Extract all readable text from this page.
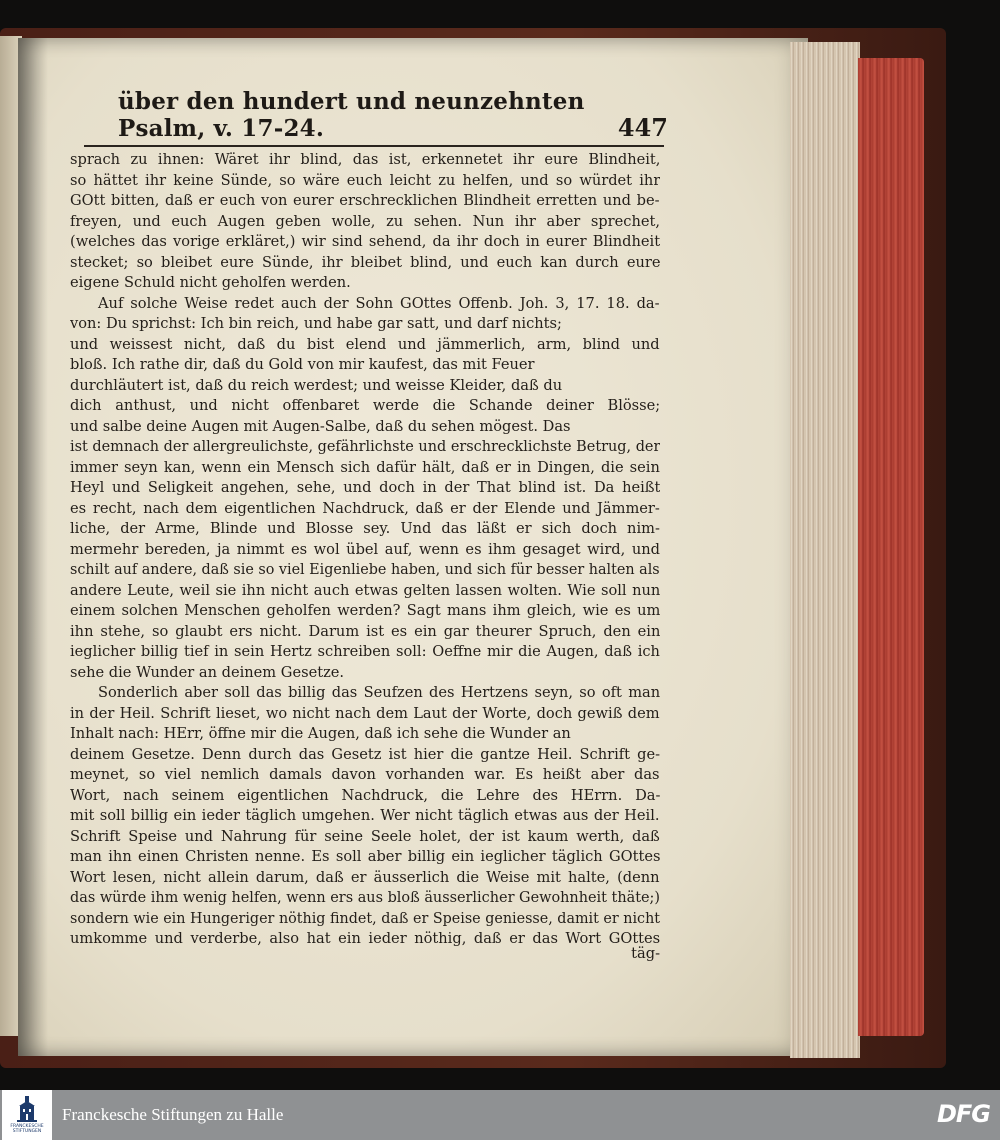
über den hundert und neunzehnten Psalm, v. 17-24.	447
sprach zu ihnen: Wäret ihr blind, das ist, erkennetet ihr eure Blindheit,
so hättet ihr keine Sünde, so wäre euch leicht zu helfen, und so würdet ihr
GOtt bitten, daß er euch von eurer erschrecklichen Blindheit erretten und be-
freyen, und euch Augen geben wolle, zu sehen. Nun ihr aber sprechet,
(welches das vorige erkläret,) wir sind sehend, da ihr doch in eurer Blindheit
stecket; so bleibet eure Sünde, ihr bleibet blind, und euch kan durch eure
eigene Schuld nicht geholfen werden.
Auf solche Weise redet auch der Sohn GOttes Offenb. Joh. 3, 17. 18. da-
von: Du sprichst: Ich bin reich, und habe gar satt, und darf nichts;
und weissest nicht, daß du bist elend und jämmerlich, arm, blind und
bloß. Ich rathe dir, daß du Gold von mir kaufest, das mit Feuer
durchläutert ist, daß du reich werdest; und weisse Kleider, daß du
dich anthust, und nicht offenbaret werde die Schande deiner Blösse;
und salbe deine Augen mit Augen-Salbe, daß du sehen mögest. Das
ist demnach der allergreulichste, gefährlichste und erschrecklichste Betrug, der
immer seyn kan, wenn ein Mensch sich dafür hält, daß er in Dingen, die sein
Heyl und Seligkeit angehen, sehe, und doch in der That blind ist. Da heißt
es recht, nach dem eigentlichen Nachdruck, daß er der Elende und Jämmer-
liche, der Arme, Blinde und Blosse sey. Und das läßt er sich doch nim-
mermehr bereden, ja nimmt es wol übel auf, wenn es ihm gesaget wird, und
schilt auf andere, daß sie so viel Eigenliebe haben, und sich für besser halten als
andere Leute, weil sie ihn nicht auch etwas gelten lassen wolten. Wie soll nun
einem solchen Menschen geholfen werden? Sagt mans ihm gleich, wie es um
ihn stehe, so glaubt ers nicht. Darum ist es ein gar theurer Spruch, den ein
ieglicher billig tief in sein Hertz schreiben soll: Oeffne mir die Augen, daß ich
sehe die Wunder an deinem Gesetze.
Sonderlich aber soll das billig das Seufzen des Hertzens seyn, so oft man
in der Heil. Schrift lieset, wo nicht nach dem Laut der Worte, doch gewiß dem
Inhalt nach: HErr, öffne mir die Augen, daß ich sehe die Wunder an
deinem Gesetze. Denn durch das Gesetz ist hier die gantze Heil. Schrift ge-
meynet, so viel nemlich damals davon vorhanden war. Es heißt aber das
Wort, nach seinem eigentlichen Nachdruck, die Lehre des HErrn. Da-
mit soll billig ein ieder täglich umgehen. Wer nicht täglich etwas aus der Heil.
Schrift Speise und Nahrung für seine Seele holet, der ist kaum werth, daß
man ihn einen Christen nenne. Es soll aber billig ein ieglicher täglich GOttes
Wort lesen, nicht allein darum, daß er äusserlich die Weise mit halte, (denn
das würde ihm wenig helfen, wenn ers aus bloß äusserlicher Gewohnheit thäte;)
sondern wie ein Hungeriger nöthig findet, daß er Speise geniesse, damit er nicht
umkomme und verderbe, also hat ein ieder nöthig, daß er das Wort GOttes
täg-
FRANCKESCHE STIFTUNGEN
Franckesche Stiftungen zu Halle	DFG
